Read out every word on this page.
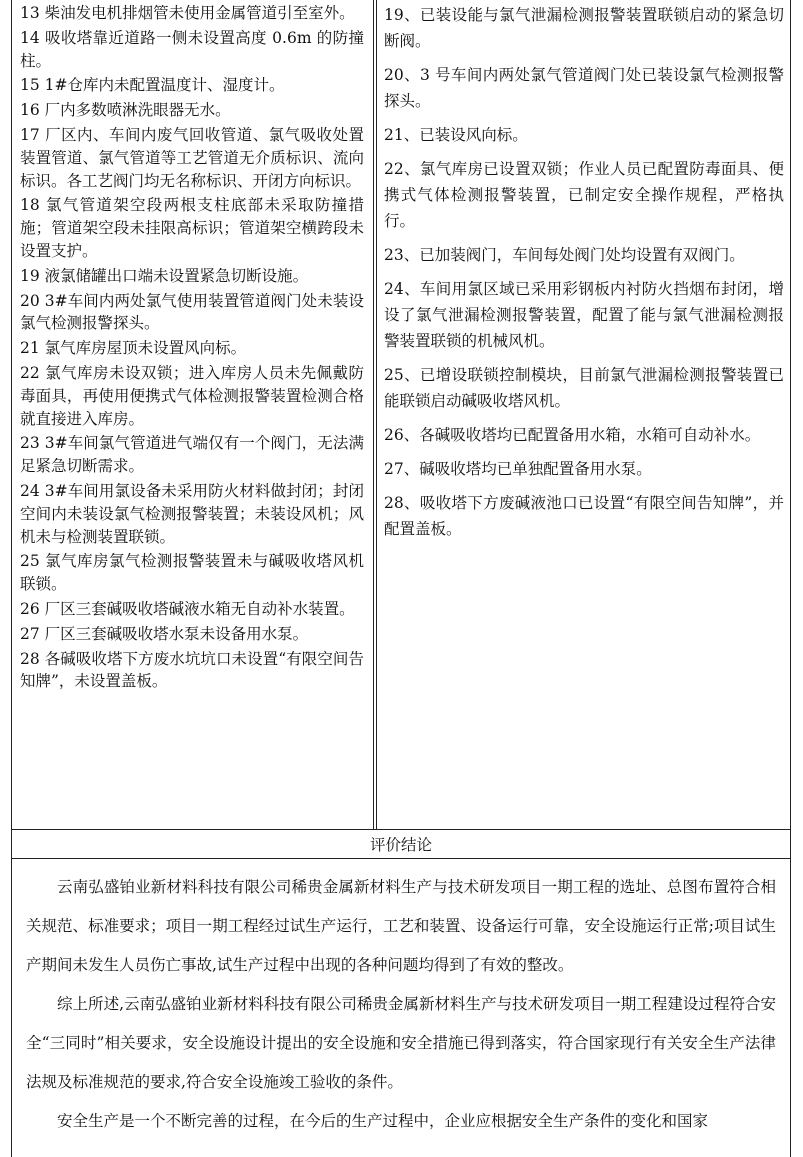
13 柴油发电机排烟管未使用金属管道引至室外。

14 吸收塔靠近道路一侧未设置高度 0.6m 的防撞柱。

15 1#仓库内未配置温度计、湿度计。

16 厂内多数喷淋洗眼器无水。

17 厂区内、车间内废气回收管道、氯气吸收处置装置管道、氯气管道等工艺管道无介质标识、流向标识。各工艺阀门均无名称标识、开闭方向标识。

18 氯气管道架空段两根支柱底部未采取防撞措施；管道架空段未挂限高标识；管道架空横跨段未设置支护。

19 液氯储罐出口端未设置紧急切断设施。

20 3#车间内两处氯气使用装置管道阀门处未装设氯气检测报警探头。

21 氯气库房屋顶未设置风向标。

22 氯气库房未设双锁；进入库房人员未先佩戴防毒面具，再使用便携式气体检测报警装置检测合格就直接进入库房。

23 3#车间氯气管道进气端仅有一个阀门，无法满足紧急切断需求。

24 3#车间用氯设备未采用防火材料做封闭；封闭空间内未装设氯气检测报警装置；未装设风机；风机未与检测装置联锁。

25 氯气库房氯气检测报警装置未与碱吸收塔风机联锁。

26 厂区三套碱吸收塔碱液水箱无自动补水装置。

27 厂区三套碱吸收塔水泵未设备用水泵。

28 各碱吸收塔下方废水坑坑口未设置“有限空间告知牌”，未设置盖板。

19、已装设能与氯气泄漏检测报警装置联锁启动的紧急切断阀。

20、3 号车间内两处氯气管道阀门处已装设氯气检测报警探头。

21、已装设风向标。

22、氯气库房已设置双锁；作业人员已配置防毒面具、便携式气体检测报警装置，已制定安全操作规程，严格执行。

23、已加装阀门，车间每处阀门处均设置有双阀门。

24、车间用氯区域已采用彩钢板内衬防火挡烟布封闭，增设了氯气泄漏检测报警装置，配置了能与氯气泄漏检测报警装置联锁的机械风机。

25、已增设联锁控制模块，目前氯气泄漏检测报警装置已能联锁启动碱吸收塔风机。

26、各碱吸收塔均已配置备用水箱，水箱可自动补水。

27、碱吸收塔均已单独配置备用水泵。

28、吸收塔下方废碱液池口已设置“有限空间告知牌”，并配置盖板。

评价结论

云南弘盛铂业新材料科技有限公司稀贵金属新材料生产与技术研发项目一期工程的选址、总图布置符合相关规范、标准要求；项目一期工程经过试生产运行，工艺和装置、设备运行可靠，安全设施运行正常;项目试生产期间未发生人员伤亡事故,试生产过程中出现的各种问题均得到了有效的整改。

综上所述,云南弘盛铂业新材料科技有限公司稀贵金属新材料生产与技术研发项目一期工程建设过程符合安全“三同时”相关要求，安全设施设计提出的安全设施和安全措施已得到落实，符合国家现行有关安全生产法律法规及标准规范的要求,符合安全设施竣工验收的条件。

安全生产是一个不断完善的过程，在今后的生产过程中，企业应根据安全生产条件的变化和国家
